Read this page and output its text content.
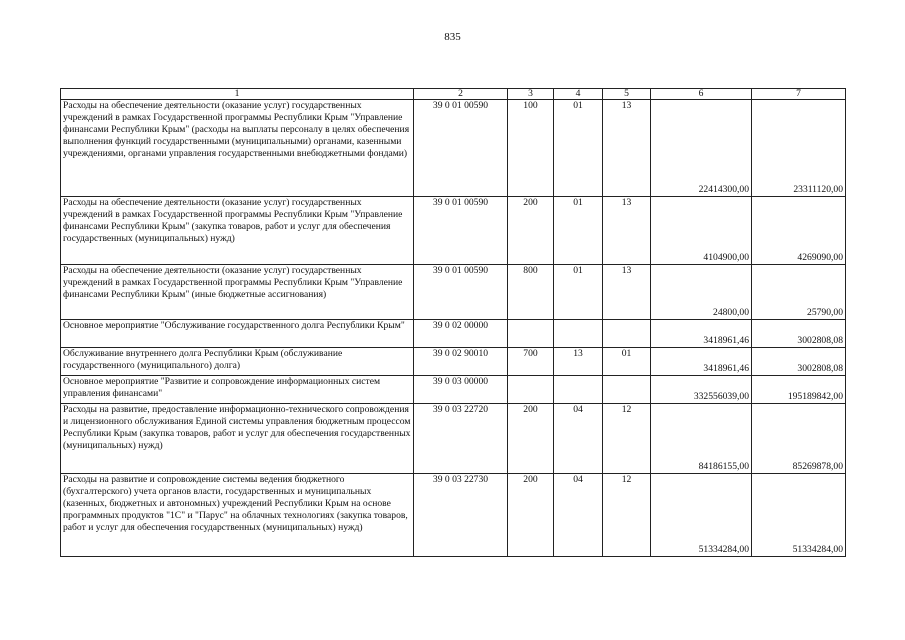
835
1	2	3	4	5	6	7
Расходы на обеспечение деятельности (оказание услуг) государственных учреждений в рамках Государственной программы Республики Крым "Управление финансами Республики Крым" (расходы на выплаты персоналу в целях обеспечения выполнения функций государственными (муниципальными) органами, казенными учреждениями, органами управления государственными внебюджетными фондами)	39 0 01 00590	100	01	13	22414300,00	23311120,00
Расходы на обеспечение деятельности (оказание услуг) государственных учреждений в рамках Государственной программы Республики Крым "Управление финансами Республики Крым" (закупка товаров, работ и услуг для обеспечения государственных (муниципальных) нужд)	39 0 01 00590	200	01	13	4104900,00	4269090,00
Расходы на обеспечение деятельности (оказание услуг) государственных учреждений в рамках Государственной программы Республики Крым "Управление финансами Республики Крым" (иные бюджетные ассигнования)	39 0 01 00590	800	01	13	24800,00	25790,00
Основное мероприятие "Обслуживание государственного долга Республики Крым"	39 0 02 00000				3418961,46	3002808,08
Обслуживание внутреннего долга Республики Крым (обслуживание государственного (муниципального) долга)	39 0 02 90010	700	13	01	3418961,46	3002808,08
Основное мероприятие "Развитие и сопровождение информационных систем управления финансами"	39 0 03 00000				332556039,00	195189842,00
Расходы на развитие, предоставление информационно-технического сопровождения и лицензионного обслуживания Единой системы управления бюджетным процессом Республики Крым (закупка товаров, работ и услуг для обеспечения государственных (муниципальных) нужд)	39 0 03 22720	200	04	12	84186155,00	85269878,00
Расходы на развитие и сопровождение системы ведения бюджетного (бухгалтерского) учета органов власти, государственных и муниципальных (казенных, бюджетных и автономных) учреждений Республики Крым на основе программных продуктов "1С" и "Парус" на облачных технологиях (закупка товаров, работ и услуг для обеспечения государственных (муниципальных) нужд)	39 0 03 22730	200	04	12	51334284,00	51334284,00
